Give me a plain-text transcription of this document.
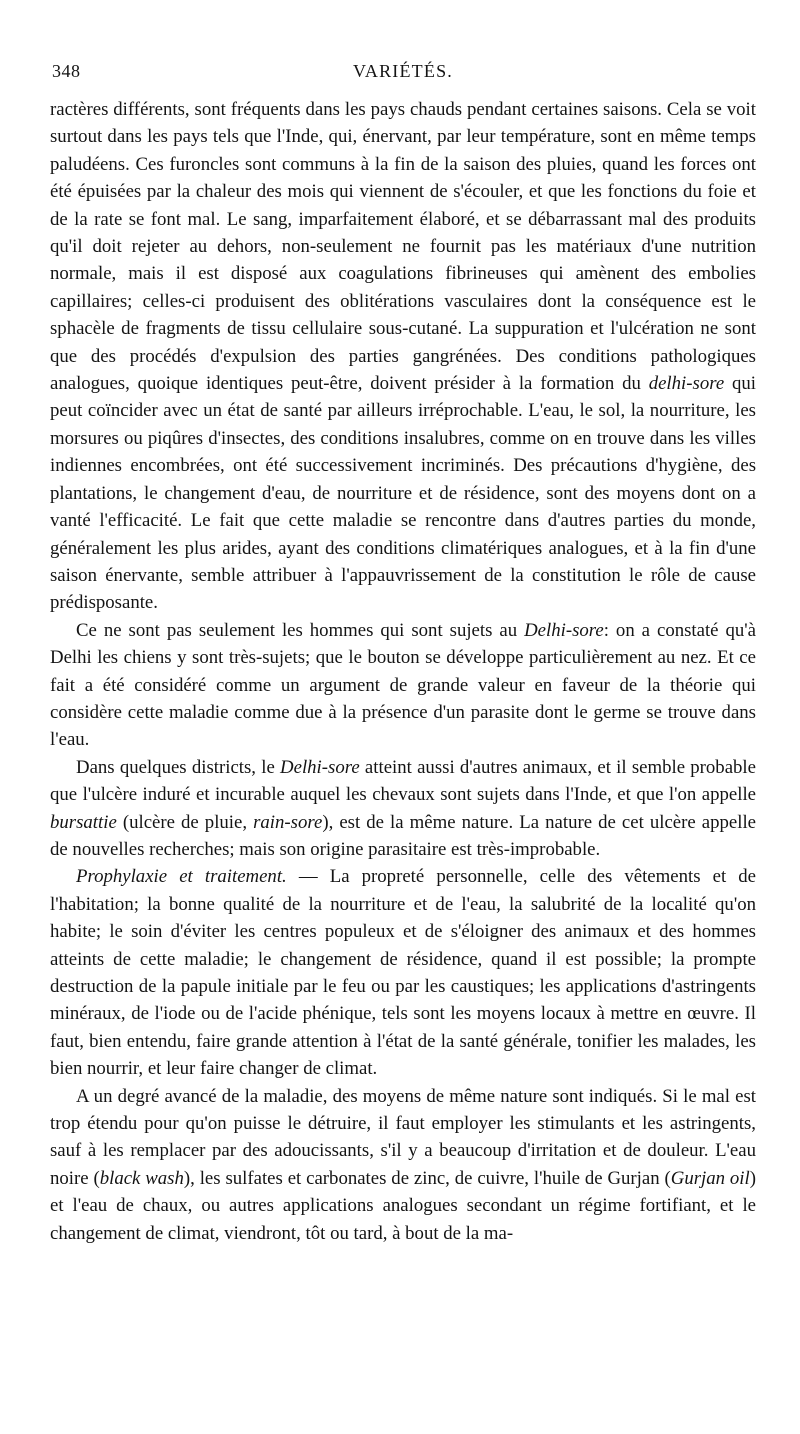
348	VARIÉTÉS.

ractères différents, sont fréquents dans les pays chauds pendant certaines saisons. Cela se voit surtout dans les pays tels que l'Inde, qui, énervant, par leur température, sont en même temps paludéens. Ces furoncles sont communs à la fin de la saison des pluies, quand les forces ont été épuisées par la chaleur des mois qui viennent de s'écouler, et que les fonctions du foie et de la rate se font mal. Le sang, imparfaitement élaboré, et se débarrassant mal des produits qu'il doit rejeter au dehors, non-seulement ne fournit pas les matériaux d'une nutrition normale, mais il est disposé aux coagulations fibrineuses qui amènent des embolies capillaires; celles-ci produisent des oblitérations vasculaires dont la conséquence est le sphacèle de fragments de tissu cellulaire sous-cutané. La suppuration et l'ulcération ne sont que des procédés d'expulsion des parties gangrénées. Des conditions pathologiques analogues, quoique identiques peut-être, doivent présider à la formation du delhi-sore qui peut coïncider avec un état de santé par ailleurs irréprochable. L'eau, le sol, la nourriture, les morsures ou piqûres d'insectes, des conditions insalubres, comme on en trouve dans les villes indiennes encombrées, ont été successivement incriminés. Des précautions d'hygiène, des plantations, le changement d'eau, de nourriture et de résidence, sont des moyens dont on a vanté l'efficacité. Le fait que cette maladie se rencontre dans d'autres parties du monde, généralement les plus arides, ayant des conditions climatériques analogues, et à la fin d'une saison énervante, semble attribuer à l'appauvrissement de la constitution le rôle de cause prédisposante.

Ce ne sont pas seulement les hommes qui sont sujets au Delhi-sore: on a constaté qu'à Delhi les chiens y sont très-sujets; que le bouton se développe particulièrement au nez. Et ce fait a été considéré comme un argument de grande valeur en faveur de la théorie qui considère cette maladie comme due à la présence d'un parasite dont le germe se trouve dans l'eau.

Dans quelques districts, le Delhi-sore atteint aussi d'autres animaux, et il semble probable que l'ulcère induré et incurable auquel les chevaux sont sujets dans l'Inde, et que l'on appelle bursattie (ulcère de pluie, rain-sore), est de la même nature. La nature de cet ulcère appelle de nouvelles recherches; mais son origine parasitaire est très-improbable.

Prophylaxie et traitement. — La propreté personnelle, celle des vêtements et de l'habitation; la bonne qualité de la nourriture et de l'eau, la salubrité de la localité qu'on habite; le soin d'éviter les centres populeux et de s'éloigner des animaux et des hommes atteints de cette maladie; le changement de résidence, quand il est possible; la prompte destruction de la papule initiale par le feu ou par les caustiques; les applications d'astringents minéraux, de l'iode ou de l'acide phénique, tels sont les moyens locaux à mettre en œuvre. Il faut, bien entendu, faire grande attention à l'état de la santé générale, tonifier les malades, les bien nourrir, et leur faire changer de climat.

A un degré avancé de la maladie, des moyens de même nature sont indiqués. Si le mal est trop étendu pour qu'on puisse le détruire, il faut employer les stimulants et les astringents, sauf à les remplacer par des adoucissants, s'il y a beaucoup d'irritation et de douleur. L'eau noire (black wash), les sulfates et carbonates de zinc, de cuivre, l'huile de Gurjan (Gurjan oil) et l'eau de chaux, ou autres applications analogues secondant un régime fortifiant, et le changement de climat, viendront, tôt ou tard, à bout de la ma-
